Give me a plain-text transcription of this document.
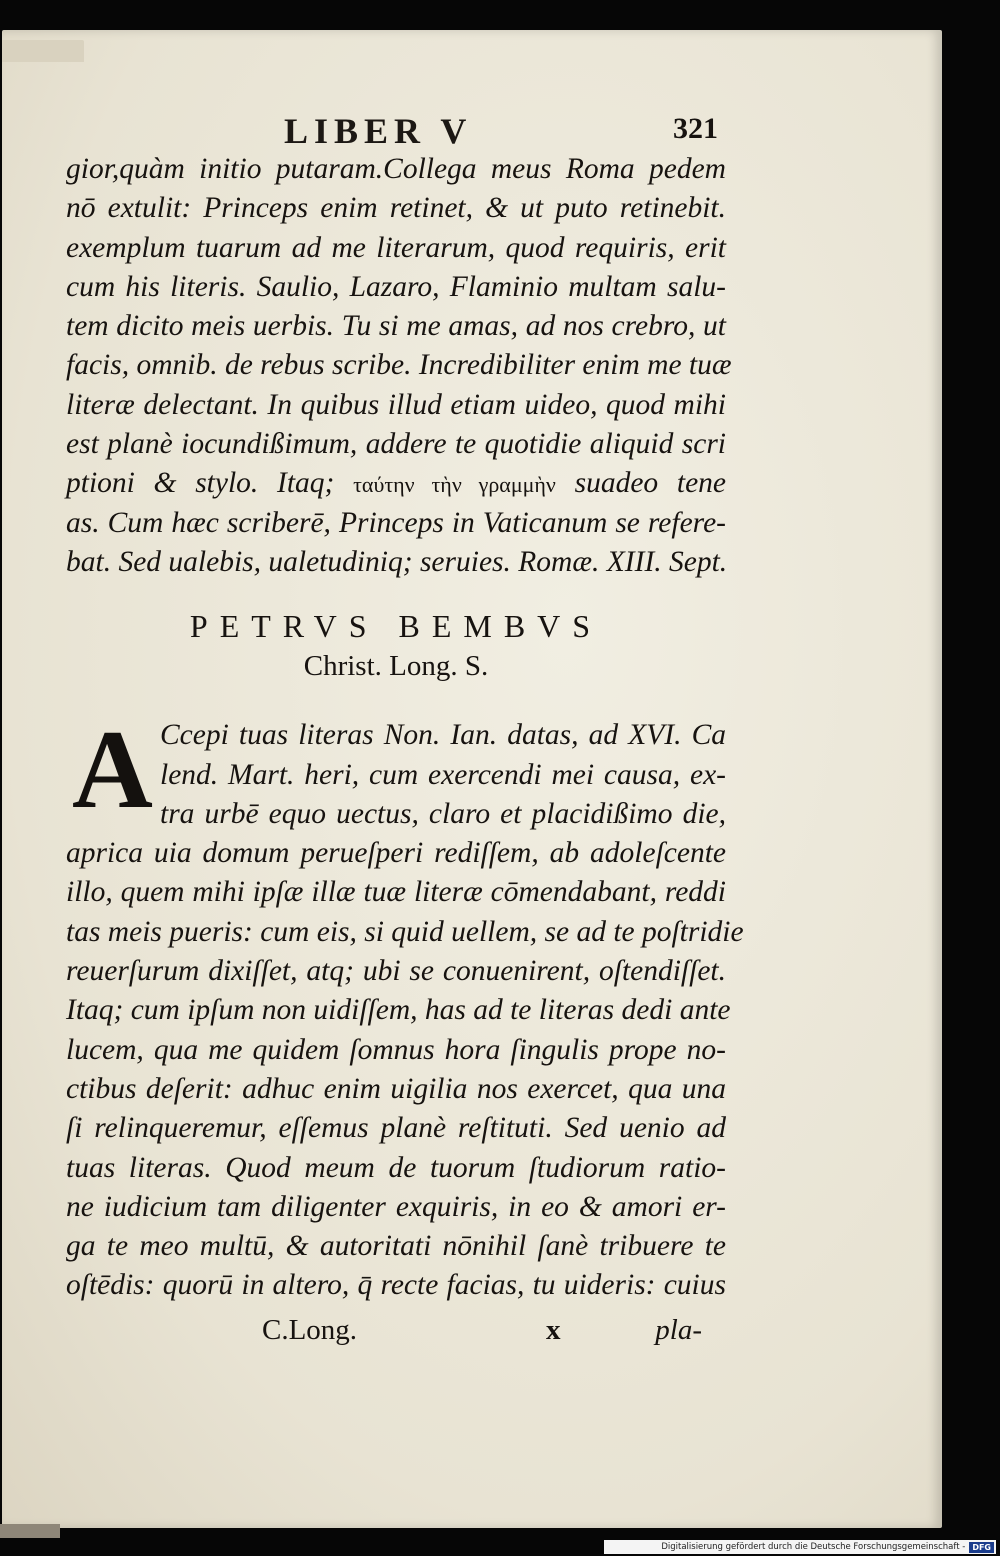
LIBER V	321
gior,quàm initio putaram.Collega meus Roma pedem
nō extulit: Princeps enim retinet, & ut puto retinebit.
exemplum tuarum ad me literarum, quod requiris, erit
cum his literis. Saulio, Lazaro, Flaminio multam salu-
tem dicito meis uerbis. Tu si me amas, ad nos crebro, ut
facis, omnib. de rebus scribe. Incredibiliter enim me tuæ
literæ delectant. In quibus illud etiam uideo, quod mihi
est planè iocundißimum, addere te quotidie aliquid scri
ptioni & stylo. Itaq; ταύτην τὴν γραμμὴν suadeo tene
as. Cum hæc scriberē, Princeps in Vaticanum se refere-
bat. Sed ualebis, ualetudiniq; seruies. Romæ. XIII. Sept.
PETRVS BEMBVS
Christ. Long. S.
A Ccepi tuas literas Non. Ian. datas, ad XVI. Ca
lend. Mart. heri, cum exercendi mei causa, ex-
tra urbē equo uectus, claro et placidißimo die,
aprica uia domum perueſperi rediſſem, ab adoleſcente
illo, quem mihi ipſæ illæ tuæ literæ cōmendabant, reddi
tas meis pueris: cum eis, si quid uellem, se ad te poſtridie
reuerſurum dixiſſet, atq; ubi se conuenirent, oſtendiſſet.
Itaq; cum ipſum non uidiſſem, has ad te literas dedi ante
lucem, qua me quidem ſomnus hora ſingulis prope no-
ctibus deſerit: adhuc enim uigilia nos exercet, qua una
ſi relinqueremur, eſſemus planè reſtituti. Sed uenio ad
tuas literas. Quod meum de tuorum ſtudiorum ratio-
ne iudicium tam diligenter exquiris, in eo & amori er-
ga te meo multū, & autoritati nōnihil ſanè tribuere te
oſtēdis: quorū in altero, q̄ recte facias, tu uideris: cuius
C.Long.	x	pla-
Digitalisierung gefördert durch die Deutsche Forschungsgemeinschaft - DFG
